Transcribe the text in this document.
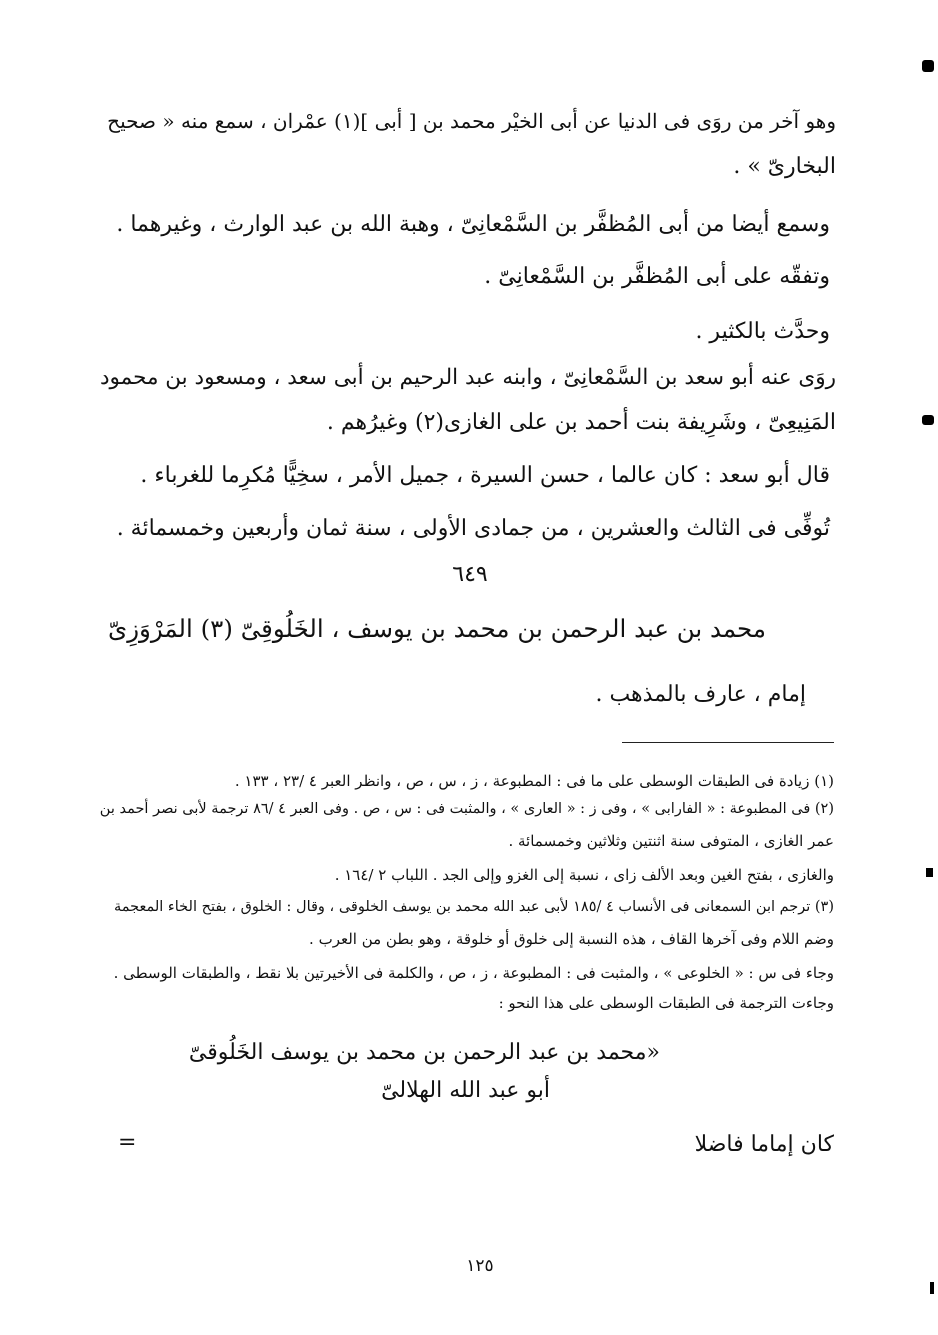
وهو آخر من روَى فى الدنيا عن أبى الخيْر محمد بن [ أبى ](١) عمْران ، سمع منه « صحيح
البخارىّ » .
وسمع أيضا من أبى المُظفَّر بن السَّمْعانِىّ ، وهبة الله بن عبد الوارث ، وغيرهما .
وتفقّه على أبى المُظفَّر بن السَّمْعانِىّ .
وحدَّث بالكثير .
روَى عنه أبو سعد بن السَّمْعانِىّ ، وابنه عبد الرحيم بن أبى سعد ، ومسعود بن محمود
المَنِيعِىّ ، وشَرِيفة بنت أحمد بن على الغازى(٢) وغيرُهم .
قال أبو سعد : كان عالما ، حسن السيرة ، جميل الأمر ، سخِيًّا مُكرِما للغرباء .
تُوفِّى فى الثالث والعشرين ، من جمادى الأولى ، سنة ثمان وأربعين وخمسمائة .
٦٤٩
محمد بن عبد الرحمن بن محمد بن يوسف ، الخَلُوقِىّ (٣) المَرْوَزِىّ
إمام ، عارف بالمذهب .
(١) زيادة فى الطبقات الوسطى على ما فى : المطبوعة ، ز ، س ، ص ، وانظر العبر ٤ /٢٣ ، ١٣٣ .
(٢) فى المطبوعة : « الفارابى » ، وفى ز : « العارى » ، والمثبت فى : س ، ص . وفى العبر ٤ /٨٦ ترجمة لأبى نصر أحمد بن
عمر الغازى ، المتوفى سنة اثنتين وثلاثين وخمسمائة .
والغازى ، بفتح الغين وبعد الألف زاى ، نسبة إلى الغزو وإلى الجد . اللباب ٢ /١٦٤ .
(٣) ترجم ابن السمعانى فى الأنساب ٤ /١٨٥ لأبى عبد الله محمد بن يوسف الخلوقى ، وقال : الخلوق ، بفتح الخاء المعجمة
وضم اللام وفى آخرها القاف ، هذه النسبة إلى خلوق أو خلوقة ، وهو بطن من العرب .
وجاء فى س : « الخلوعى » ، والمثبت فى : المطبوعة ، ز ، ص ، والكلمة فى الأخيرتين بلا نقط ، والطبقات الوسطى .
وجاءت الترجمة فى الطبقات الوسطى على هذا النحو :
«محمد بن عبد الرحمن بن محمد بن يوسف الخَلُوقىّ
أبو عبد الله الهلالىّ
كان إماما فاضلا
=
١٢٥
